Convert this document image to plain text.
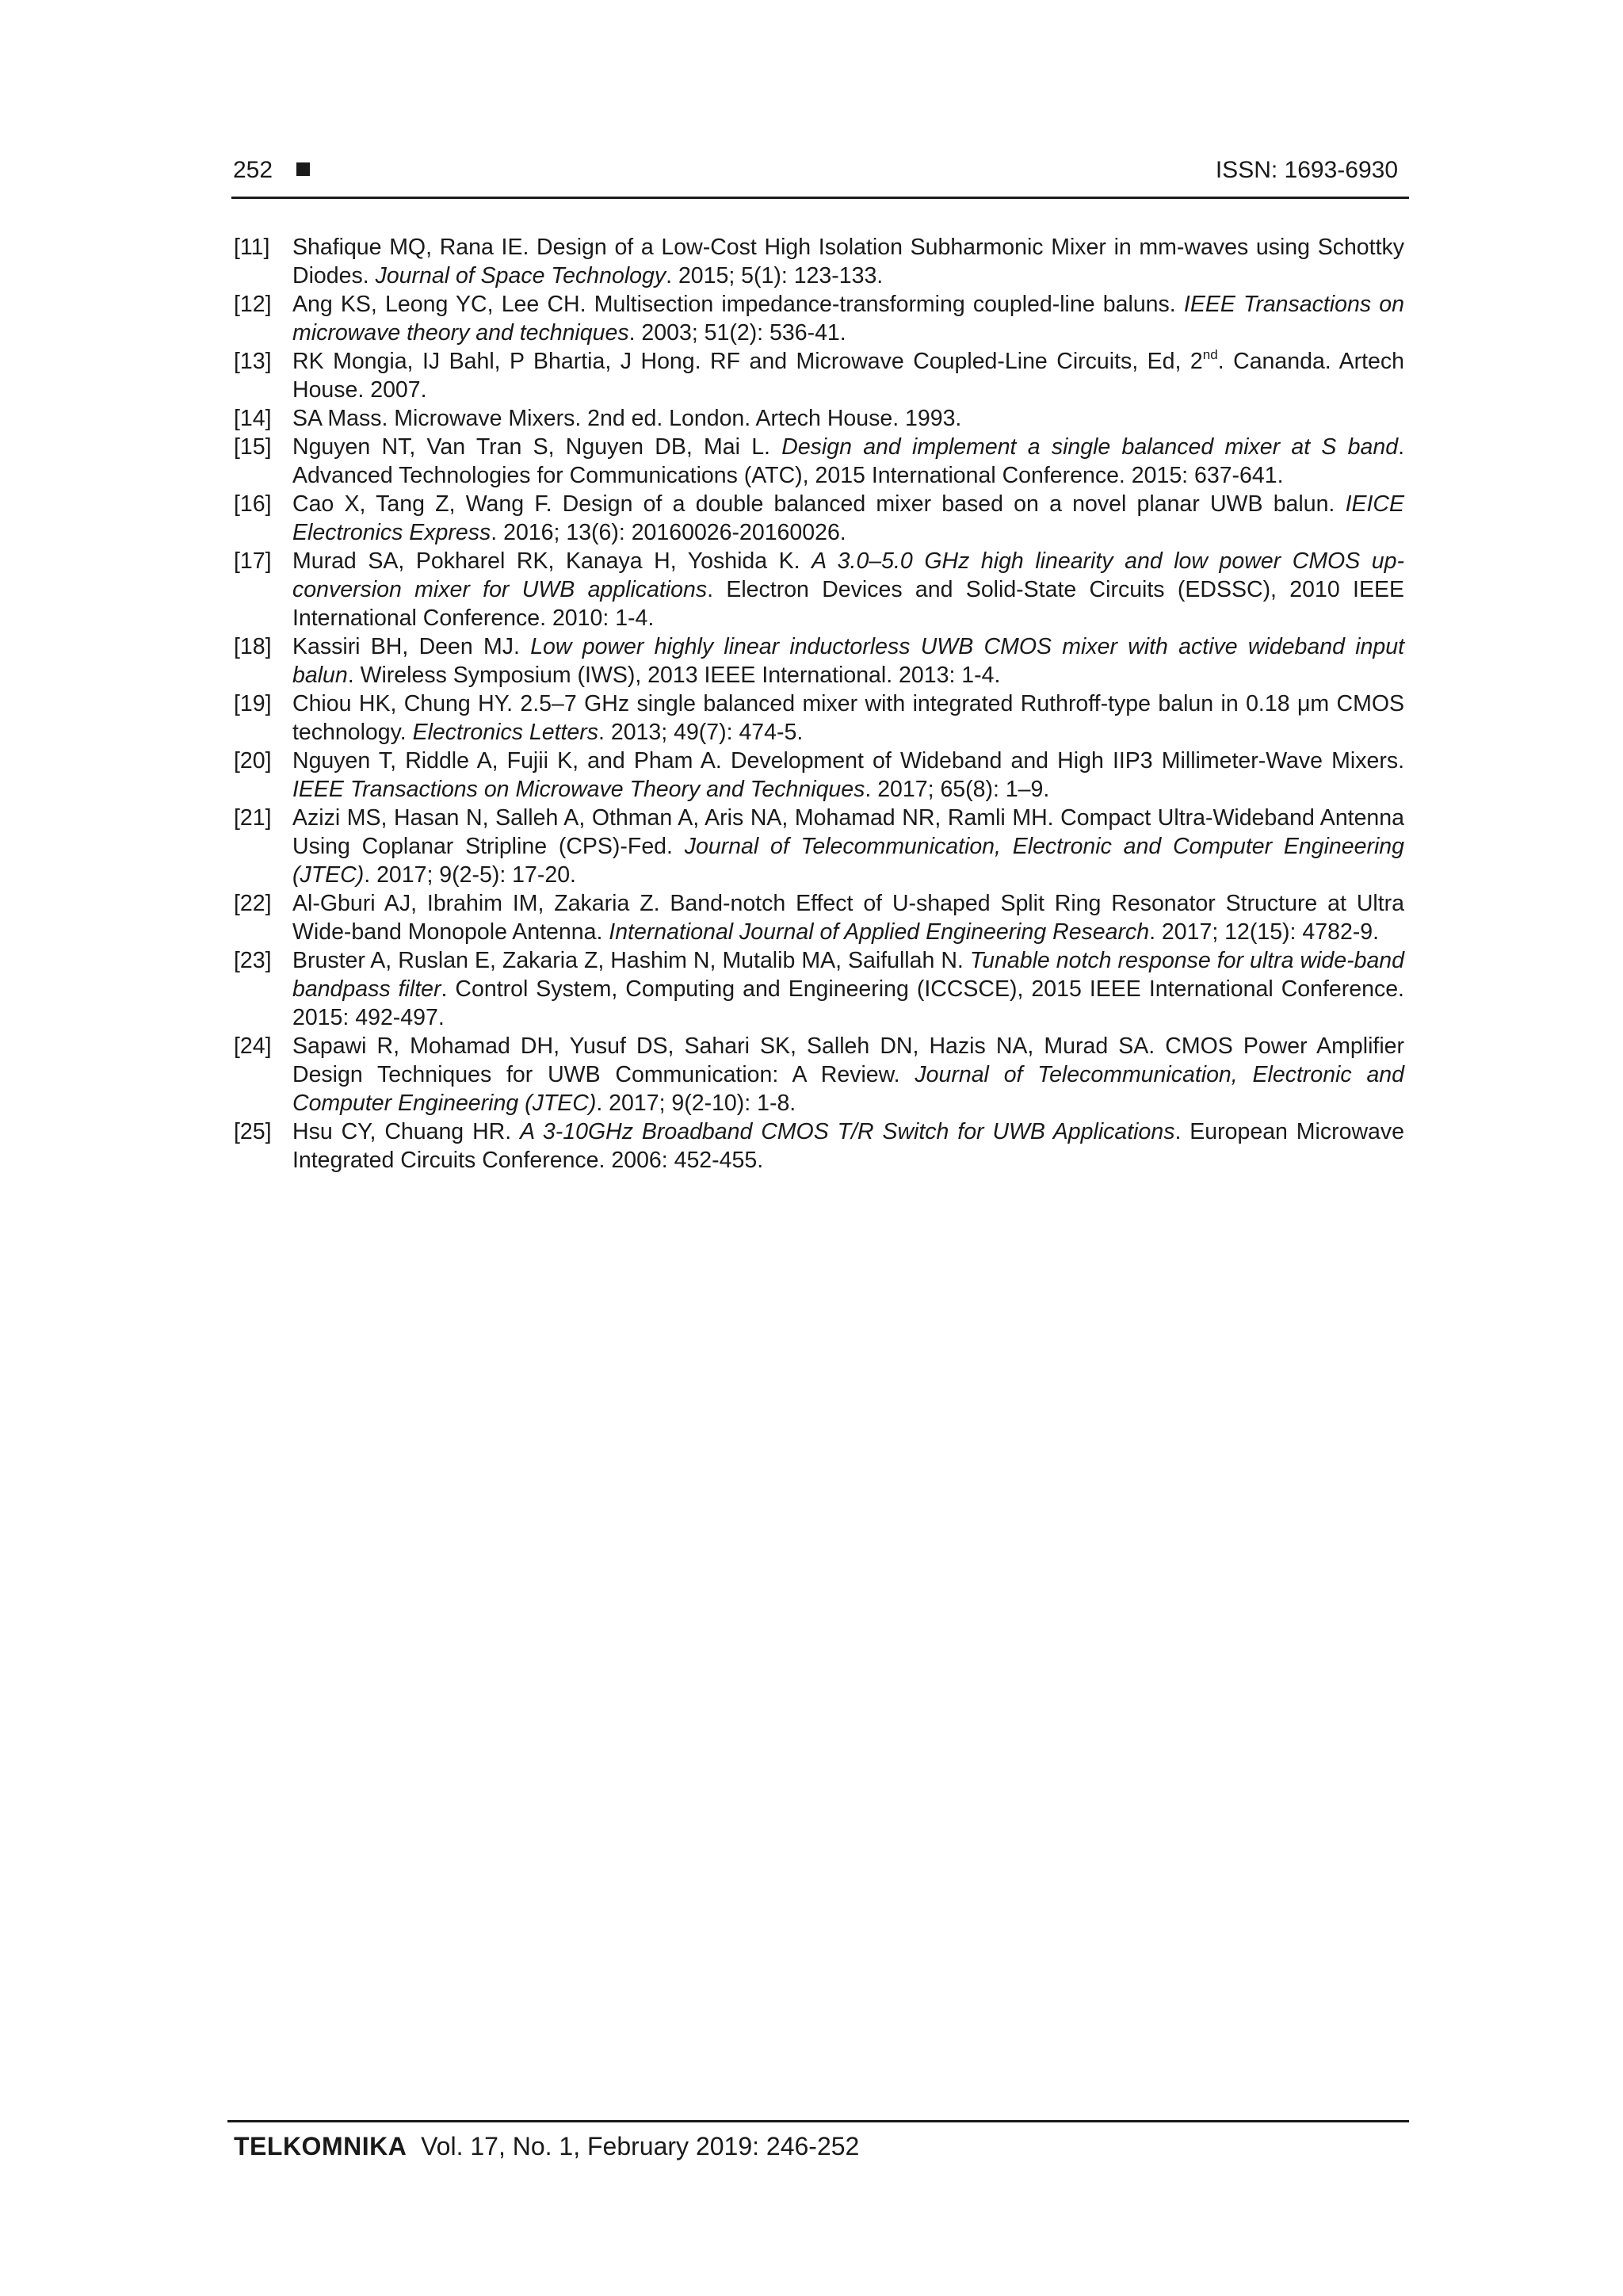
252	ISSN: 1693-6930
[11]	Shafique MQ, Rana IE. Design of a Low-Cost High Isolation Subharmonic Mixer in mm-waves using Schottky Diodes. Journal of Space Technology. 2015; 5(1): 123-133.
[12] Ang KS, Leong YC, Lee CH. Multisection impedance-transforming coupled-line baluns. IEEE Transactions on microwave theory and techniques. 2003; 51(2): 536-41.
[13] RK Mongia, IJ Bahl, P Bhartia, J Hong. RF and Microwave Coupled-Line Circuits, Ed, 2nd. Cananda. Artech House. 2007.
[14] SA Mass. Microwave Mixers. 2nd ed. London. Artech House. 1993.
[15] Nguyen NT, Van Tran S, Nguyen DB, Mai L. Design and implement a single balanced mixer at S band. Advanced Technologies for Communications (ATC), 2015 International Conference. 2015: 637-641.
[16] Cao X, Tang Z, Wang F. Design of a double balanced mixer based on a novel planar UWB balun. IEICE Electronics Express. 2016; 13(6): 20160026-20160026.
[17] Murad SA, Pokharel RK, Kanaya H, Yoshida K. A 3.0–5.0 GHz high linearity and low power CMOS up-conversion mixer for UWB applications. Electron Devices and Solid-State Circuits (EDSSC), 2010 IEEE International Conference. 2010: 1-4.
[18] Kassiri BH, Deen MJ. Low power highly linear inductorless UWB CMOS mixer with active wideband input balun. Wireless Symposium (IWS), 2013 IEEE International. 2013: 1-4.
[19] Chiou HK, Chung HY. 2.5–7 GHz single balanced mixer with integrated Ruthroff-type balun in 0.18 μm CMOS technology. Electronics Letters. 2013; 49(7): 474-5.
[20] Nguyen T, Riddle A, Fujii K, and Pham A. Development of Wideband and High IIP3 Millimeter-Wave Mixers. IEEE Transactions on Microwave Theory and Techniques. 2017; 65(8): 1–9.
[21] Azizi MS, Hasan N, Salleh A, Othman A, Aris NA, Mohamad NR, Ramli MH. Compact Ultra-Wideband Antenna Using Coplanar Stripline (CPS)-Fed. Journal of Telecommunication, Electronic and Computer Engineering (JTEC). 2017; 9(2-5): 17-20.
[22] Al-Gburi AJ, Ibrahim IM, Zakaria Z. Band-notch Effect of U-shaped Split Ring Resonator Structure at Ultra Wide-band Monopole Antenna. International Journal of Applied Engineering Research. 2017; 12(15): 4782-9.
[23] Bruster A, Ruslan E, Zakaria Z, Hashim N, Mutalib MA, Saifullah N. Tunable notch response for ultra wide-band bandpass filter. Control System, Computing and Engineering (ICCSCE), 2015 IEEE International Conference. 2015: 492-497.
[24] Sapawi R, Mohamad DH, Yusuf DS, Sahari SK, Salleh DN, Hazis NA, Murad SA. CMOS Power Amplifier Design Techniques for UWB Communication: A Review. Journal of Telecommunication, Electronic and Computer Engineering (JTEC). 2017; 9(2-10): 1-8.
[25] Hsu CY, Chuang HR. A 3-10GHz Broadband CMOS T/R Switch for UWB Applications. European Microwave Integrated Circuits Conference. 2006: 452-455.
TELKOMNIKA Vol. 17, No. 1, February 2019: 246-252
